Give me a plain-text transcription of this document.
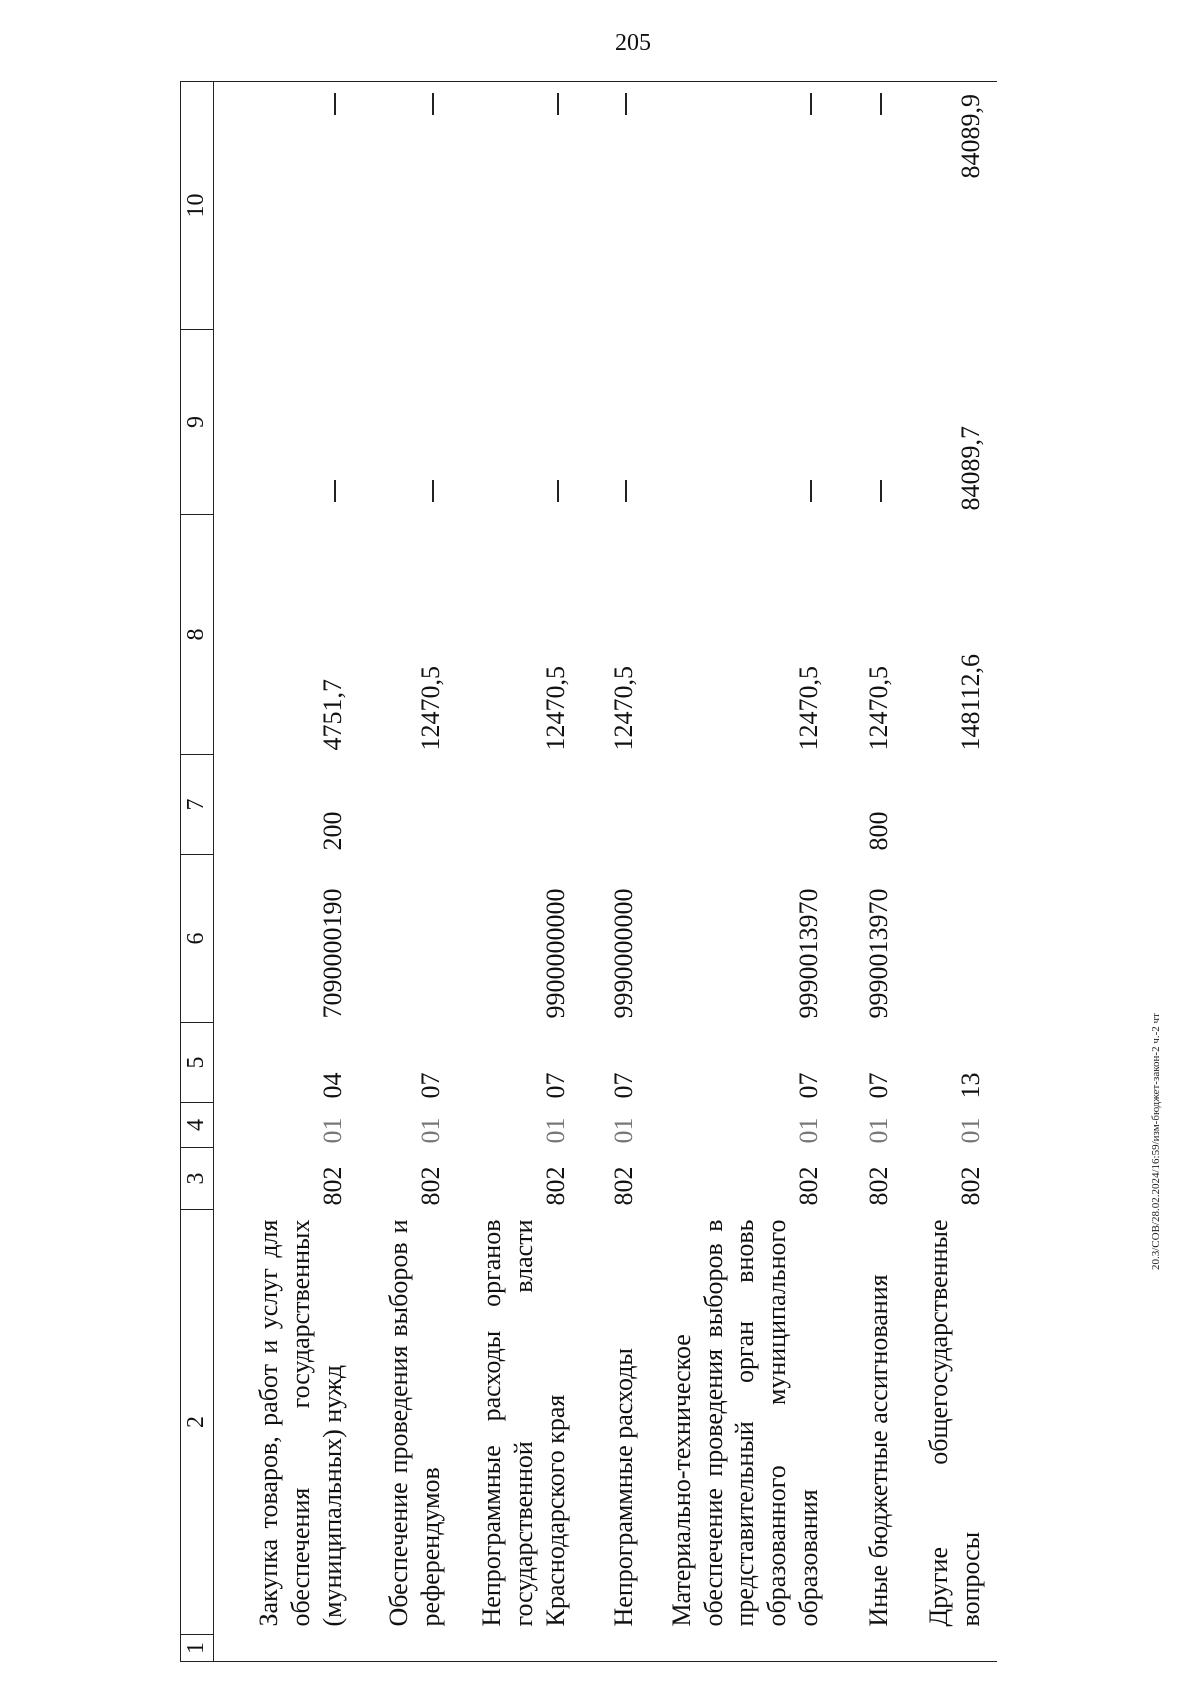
205
20.3/СОВ/28.02.2024/16:59/изм-бюджет-закон-2 ч.-2 чт
1	2	3	4	5	6	7	8	9	10
	Закупка товаров, работ и услуг для обеспечения государственных (муниципальных) нужд	802	01	04	7090000190	200	4751,7		
	Обеспечение проведения выборов и референдумов	802	01	07			12470,5		
	Непрограммные расходы органов государственной власти Краснодарского края	802	01	07	9900000000		12470,5		
	Непрограммные расходы	802	01	07	9990000000		12470,5		
	Материально-техническое обеспечение проведения выборов в представительный орган вновь образованного муниципального образования	802	01	07	9990013970		12470,5		
	Иные бюджетные ассигнования	802	01	07	9990013970	800	12470,5		
	Другие общегосударственные вопросы	802	01	13			148112,6	84089,7	84089,9
